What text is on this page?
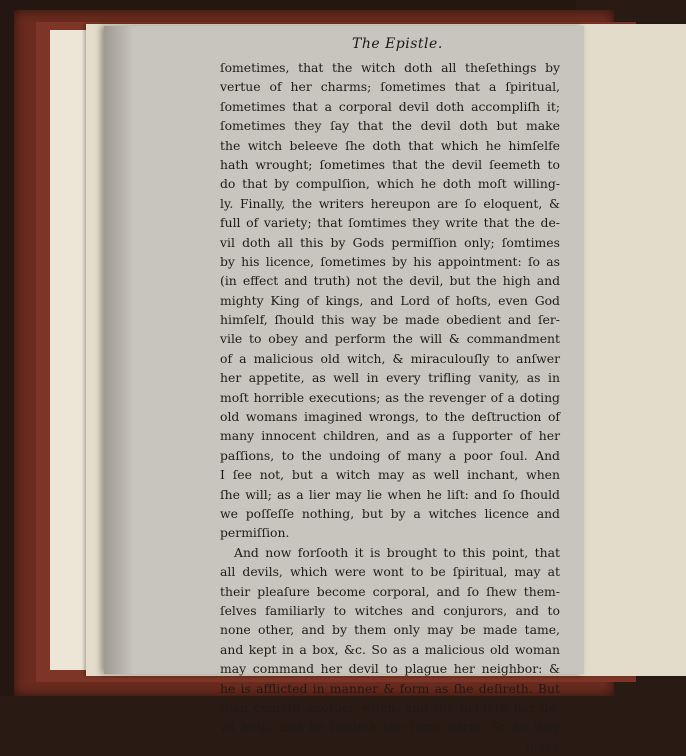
The Epistle.
ſometimes, that the witch doth all theſethings by
vertue of her charms; ſometimes that a ſpiritual,
ſometimes that a corporal devil doth accompliſh it;
ſometimes they ſay that the devil doth but make
the witch beleeve ſhe doth that which he himſelfe
hath wrought; ſometimes that the devil ſeemeth to
do that by compulſion, which he doth moſt willing-
ly. Finally, the writers hereupon are ſo eloquent, &
full of variety; that ſomtimes they write that the de-
vil doth all this by Gods permiſſion only; ſomtimes
by his licence, ſometimes by his appointment: ſo as
(in effect and truth) not the devil, but the high and
mighty King of kings, and Lord of hoſts, even God
himſelf, ſhould this way be made obedient and ſer-
vile to obey and perform the will & commandment
of a malicious old witch, & miraculouſly to anſwer
her appetite, as well in every trifling vanity, as in
moſt horrible executions; as the revenger of a doting
old womans imagined wrongs, to the deſtruction of
many innocent children, and as a ſupporter of her
paſſions, to the undoing of many a poor ſoul. And
I ſee not, but a witch may as well inchant, when
ſhe will; as a lier may lie when he liſt: and ſo ſhould
we poſſeſſe nothing, but by a witches licence and
permiſſion.
And now forſooth it is brought to this point, that
all devils, which were wont to be ſpiritual, may at
their pleaſure become corporal, and ſo ſhew them-
ſelves familiarly to witches and conjurors, and to
none other, and by them only may be made tame,
and kept in a box, &c. So as a malicious old woman
may command her devil to plague her neighbor: &
he is afflicted in manner & form as ſhe deſireth. But
then cometh another witch, and ſhe biddeth her de-
vil help, and he healeth the ſame party. So as they
make
